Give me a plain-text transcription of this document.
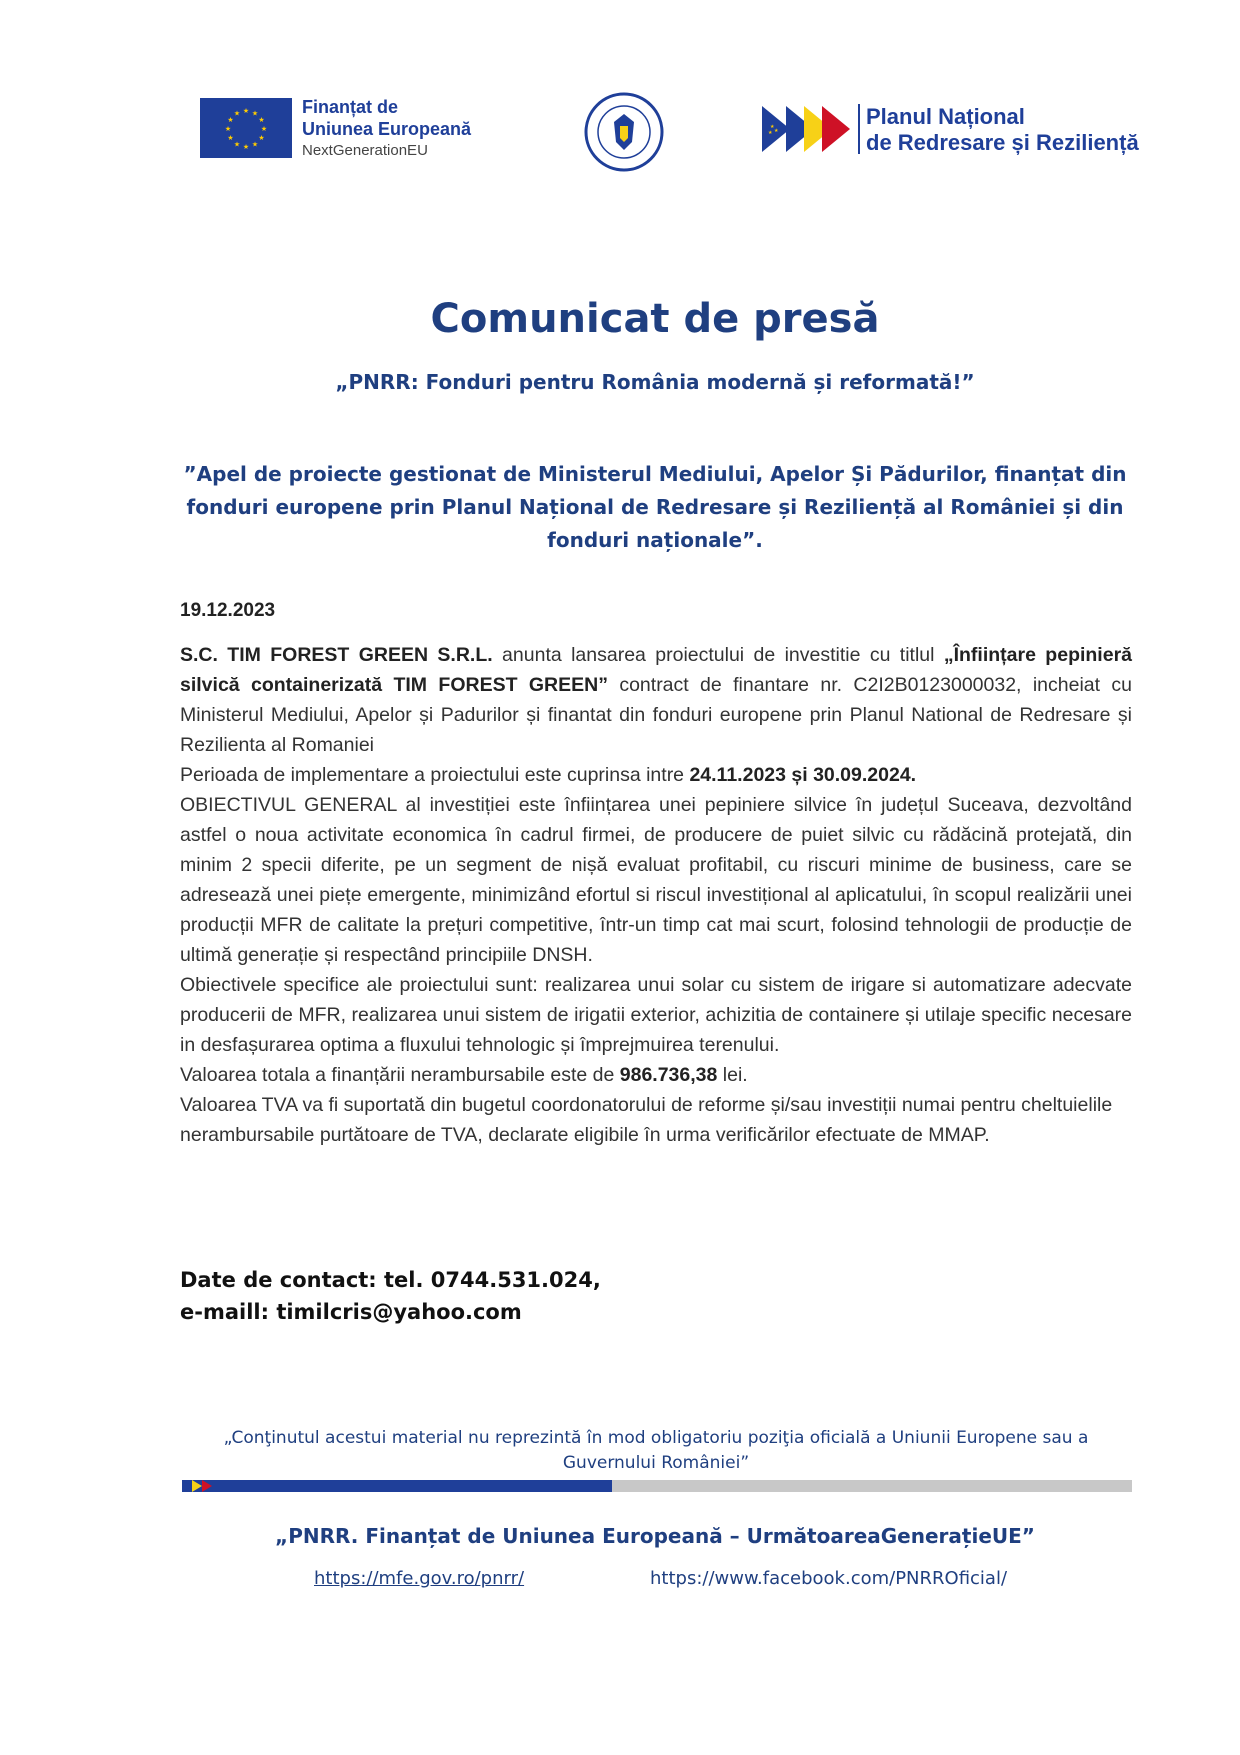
★ ★
★
★
★
★
★
★
★
★
★
★	Finanțat de
Uniunea Europeană
NextGenerationEU
★
★
★
Planul Național
de Redresare și Reziliență
Comunicat de presă
„PNRR: Fonduri pentru România modernă și reformată!”
”Apel de proiecte gestionat de Ministerul Mediului, Apelor Și Pădurilor, finanțat din fonduri europene prin Planul Național de Redresare și Reziliență al României și din fonduri naționale”.
19.12.2023

S.C. TIM FOREST GREEN S.R.L. anunta lansarea proiectului de investitie cu titlul „Înființare pepinieră silvică containerizată TIM FOREST GREEN” contract de finantare nr. C2I2B0123000032, incheiat cu Ministerul Mediului, Apelor și Padurilor și finantat din fonduri europene prin Planul National de Redresare și Rezilienta al Romaniei

Perioada de implementare a proiectului este cuprinsa intre 24.11.2023 și 30.09.2024.

OBIECTIVUL GENERAL al investiției este înființarea unei pepiniere silvice în județul Suceava, dezvoltând astfel o noua activitate economica în cadrul firmei, de producere de puiet silvic cu rădăcină protejată, din minim 2 specii diferite, pe un segment de nișă evaluat profitabil, cu riscuri minime de business, care se adresează unei piețe emergente, minimizând efortul si riscul investițional al aplicatului, în scopul realizării unei producții MFR de calitate la prețuri competitive, într-un timp cat mai scurt, folosind tehnologii de producție de ultimă generație și respectând principiile DNSH.

Obiectivele specifice ale proiectului sunt: realizarea unui solar cu sistem de irigare si automatizare adecvate producerii de MFR, realizarea unui sistem de irigatii exterior, achizitia de containere și utilaje specific necesare in desfașurarea optima a fluxului tehnologic și împrejmuirea terenului.

Valoarea totala a finanțării nerambursabile este de 986.736,38 lei.

Valoarea TVA va fi suportată din bugetul coordonatorului de reforme și/sau investiții numai pentru cheltuielile nerambursabile purtătoare de TVA, declarate eligibile în urma verificărilor efectuate de MMAP.

Date de contact: tel. 0744.531.024,
e-maill: timilcris@yahoo.com
„Conţinutul acestui material nu reprezintă în mod obligatoriu poziţia oficială a Uniunii Europene sau a Guvernului României”
„PNRR. Finanțat de Uniunea Europeană – UrmătoareaGenerațieUE”
https://mfe.gov.ro/pnrr/	https://www.facebook.com/PNRROficial/
